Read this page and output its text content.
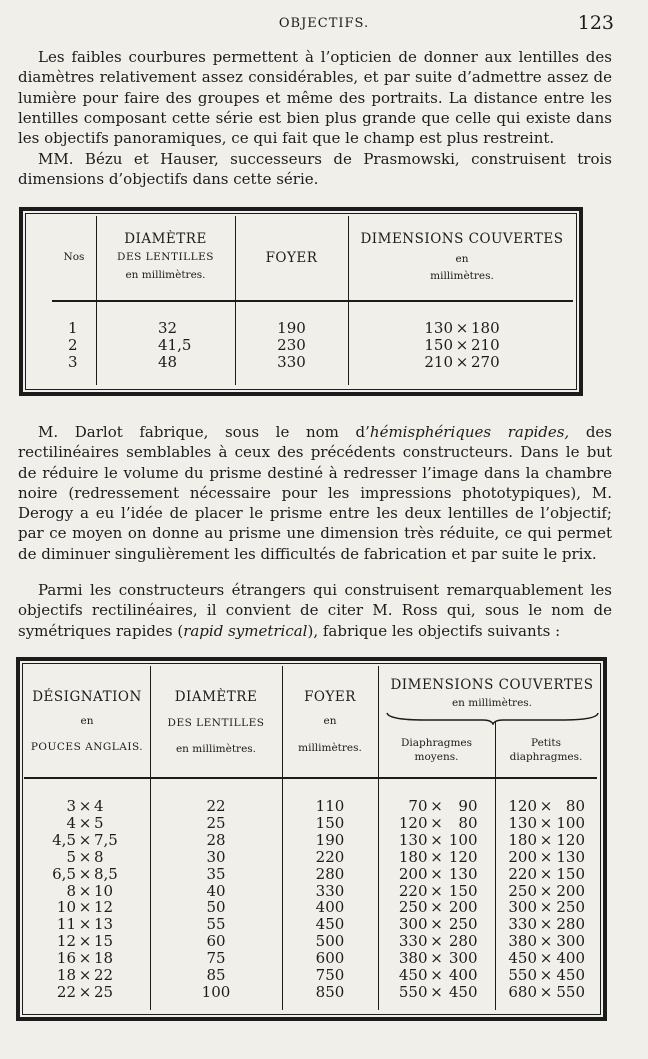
OBJECTIFS.	123

Les faibles courbures permettent à l’opticien de donner aux lentilles des diamètres relativement assez considérables, et par suite d’admettre assez de lumière pour faire des groupes et même des portraits. La distance entre les lentilles composant cette série est bien plus grande que celle qui existe dans les objectifs panoramiques, ce qui fait que le champ est plus restreint.

MM. Bézu et Hauser, successeurs de Prasmowski, construisent trois dimensions d’objectifs dans cette série.

Nos
DIAMÈTRE
DES LENTILLES
en millimètres.
FOYER
DIMENSIONS COUVERTES
en
millimètres.
1	32	190	130 × 180
2	41,5	230	150 × 210
3	48	330	210 × 270

M. Darlot fabrique, sous le nom d’hémisphériques rapides, des rectilinéaires semblables à ceux des précédents constructeurs. Dans le but de réduire le volume du prisme destiné à redresser l’image dans la chambre noire (redressement nécessaire pour les impressions phototypiques), M. Derogy a eu l’idée de placer le prisme entre les deux lentilles de l’objectif; par ce moyen on donne au prisme une dimension très réduite, ce qui permet de diminuer singulièrement les difficultés de fabrication et par suite le prix.

Parmi les constructeurs étrangers qui construisent remarquablement les objectifs rectilinéaires, il convient de citer M. Ross qui, sous le nom de symétriques rapides (rapid symetrical), fabrique les objectifs suivants :

DÉSIGNATION
en
POUCES ANGLAIS.
DIAMÈTRE
DES LENTILLES
en millimètres.
FOYER
en
millimètres.
DIMENSIONS COUVERTES
en millimètres.
Diaphragmes
moyens.
Petits
diaphragmes.
3 × 4	22	110	70 × 90	120 × 80
4 × 5	25	150	120 × 80	130 × 100
4,5 × 7,5	28	190	130 × 100	180 × 120
5 × 8	30	220	180 × 120	200 × 130
6,5 × 8,5	35	280	200 × 130	220 × 150
8 × 10	40	330	220 × 150	250 × 200
10 × 12	50	400	250 × 200	300 × 250
11 × 13	55	450	300 × 250	330 × 280
12 × 15	60	500	330 × 280	380 × 300
16 × 18	75	600	380 × 300	450 × 400
18 × 22	85	750	450 × 400	550 × 450
22 × 25	100	850	550 × 450	680 × 550
